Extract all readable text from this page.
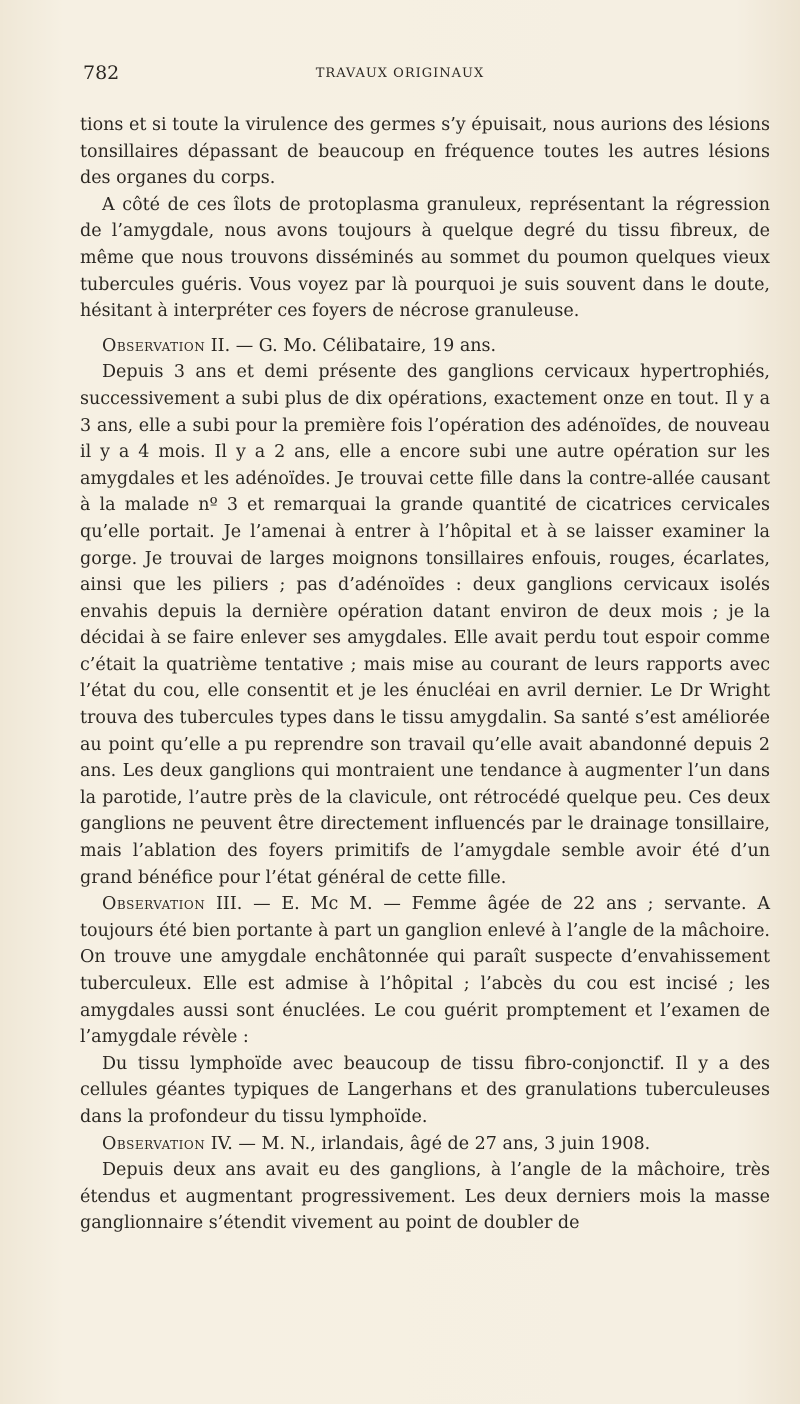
782	TRAVAUX ORIGINAUX

tions et si toute la virulence des germes s’y épuisait, nous aurions des lésions tonsillaires dépassant de beaucoup en fréquence toutes les autres lésions des organes du corps.

A côté de ces îlots de protoplasma granuleux, représentant la régression de l’amygdale, nous avons toujours à quelque degré du tissu fibreux, de même que nous trouvons disséminés au sommet du poumon quelques vieux tubercules guéris. Vous voyez par là pourquoi je suis souvent dans le doute, hésitant à interpréter ces foyers de nécrose granuleuse.

Observation II. — G. Mo. Célibataire, 19 ans.

Depuis 3 ans et demi présente des ganglions cervicaux hypertrophiés, successivement a subi plus de dix opérations, exactement onze en tout. Il y a 3 ans, elle a subi pour la première fois l’opération des adénoïdes, de nouveau il y a 4 mois. Il y a 2 ans, elle a encore subi une autre opération sur les amygdales et les adénoïdes. Je trouvai cette fille dans la contre-allée causant à la malade nº 3 et remarquai la grande quantité de cicatrices cervicales qu’elle portait. Je l’amenai à entrer à l’hôpital et à se laisser examiner la gorge. Je trouvai de larges moignons tonsillaires enfouis, rouges, écarlates, ainsi que les piliers ; pas d’adénoïdes : deux ganglions cervicaux isolés envahis depuis la dernière opération datant environ de deux mois ; je la décidai à se faire enlever ses amygdales. Elle avait perdu tout espoir comme c’était la quatrième tentative ; mais mise au courant de leurs rapports avec l’état du cou, elle consentit et je les énucléai en avril dernier. Le Dr Wright trouva des tubercules types dans le tissu amygdalin. Sa santé s’est améliorée au point qu’elle a pu reprendre son travail qu’elle avait abandonné depuis 2 ans. Les deux ganglions qui montraient une tendance à augmenter l’un dans la parotide, l’autre près de la clavicule, ont rétrocédé quelque peu. Ces deux ganglions ne peuvent être directement influencés par le drainage tonsillaire, mais l’ablation des foyers primitifs de l’amygdale semble avoir été d’un grand bénéfice pour l’état général de cette fille.

Observation III. — E. Mc M. — Femme âgée de 22 ans ; servante. A toujours été bien portante à part un ganglion enlevé à l’angle de la mâchoire. On trouve une amygdale enchâtonnée qui paraît suspecte d’envahissement tuberculeux. Elle est admise à l’hôpital ; l’abcès du cou est incisé ; les amygdales aussi sont énuclées. Le cou guérit promptement et l’examen de l’amygdale révèle :

Du tissu lymphoïde avec beaucoup de tissu fibro-conjonctif. Il y a des cellules géantes typiques de Langerhans et des granulations tuberculeuses dans la profondeur du tissu lymphoïde.

Observation IV. — M. N., irlandais, âgé de 27 ans, 3 juin 1908.

Depuis deux ans avait eu des ganglions, à l’angle de la mâchoire, très étendus et augmentant progressivement. Les deux derniers mois la masse ganglionnaire s’étendit vivement au point de doubler de
